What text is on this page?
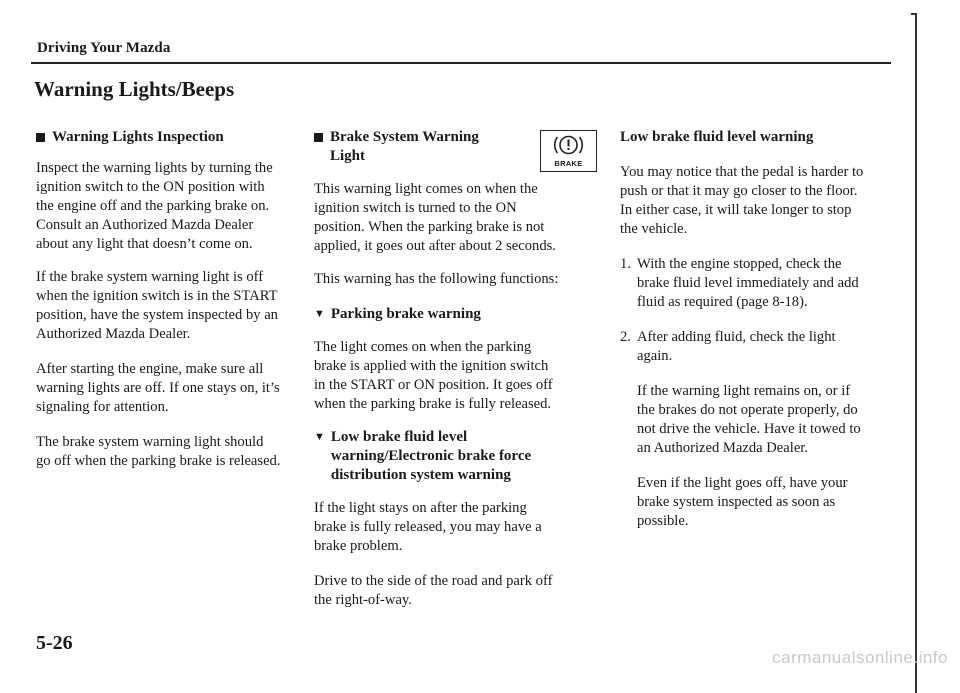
Driving Your Mazda
Warning Lights/Beeps
Warning Lights Inspection

Inspect the warning lights by turning the
ignition switch to the ON position with
the engine off and the parking brake on.
Consult an Authorized Mazda Dealer
about any light that doesn’t come on.

If the brake system warning light is off
when the ignition switch is in the START
position, have the system inspected by an
Authorized Mazda Dealer.

After starting the engine, make sure all
warning lights are off. If one stays on, it’s
signaling for attention.

The brake system warning light should
go off when the parking brake is released.

BRAKE
Brake System Warning
Light

This warning light comes on when the
ignition switch is turned to the ON
position. When the parking brake is not
applied, it goes out after about 2 seconds.

This warning has the following functions:

▼ Parking brake warning

The light comes on when the parking
brake is applied with the ignition switch
in the START or ON position. It goes off
when the parking brake is fully released.

▼ Low brake fluid level
warning/Electronic brake force
distribution system warning

If the light stays on after the parking
brake is fully released, you may have a
brake problem.

Drive to the side of the road and park off
the right-of-way.

Low brake fluid level warning

You may notice that the pedal is harder to
push or that it may go closer to the floor.
In either case, it will take longer to stop
the vehicle.

1. With the engine stopped, check the
brake fluid level immediately and add
fluid as required (page 8-18).
2. After adding fluid, check the light
again.

If the warning light remains on, or if
the brakes do not operate properly, do
not drive the vehicle. Have it towed to
an Authorized Mazda Dealer.

Even if the light goes off, have your
brake system inspected as soon as
possible.

5-26
carmanualsonline.info
